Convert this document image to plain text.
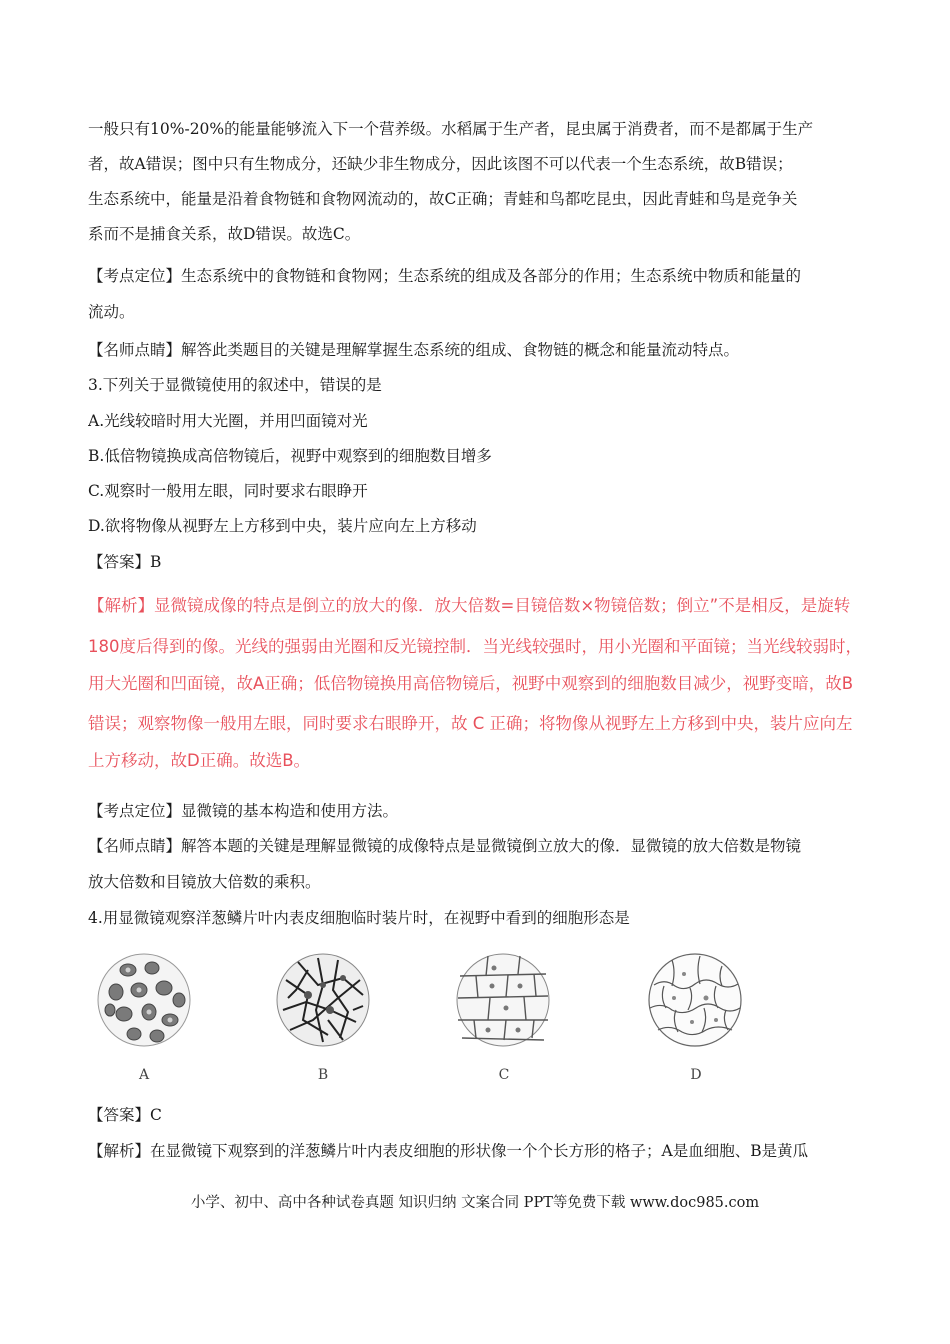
一般只有10%-20%的能量能够流入下一个营养级。水稻属于生产者，昆虫属于消费者，而不是都属于生产
者，故A错误；图中只有生物成分，还缺少非生物成分，因此该图不可以代表一个生态系统，故B错误；
生态系统中，能量是沿着食物链和食物网流动的，故C正确；青蛙和鸟都吃昆虫，因此青蛙和鸟是竞争关
系而不是捕食关系，故D错误。故选C。
【考点定位】生态系统中的食物链和食物网；生态系统的组成及各部分的作用；生态系统中物质和能量的
流动。
【名师点睛】解答此类题目的关键是理解掌握生态系统的组成、食物链的概念和能量流动特点。
3.下列关于显微镜使用的叙述中，错误的是
A.光线较暗时用大光圈，并用凹面镜对光
B.低倍物镜换成高倍物镜后，视野中观察到的细胞数目增多
C.观察时一般用左眼，同时要求右眼睁开
D.欲将物像从视野左上方移到中央，装片应向左上方移动
【答案】B
【解析】显微镜成像的特点是倒立的放大的像．放大倍数=目镜倍数×物镜倍数；倒立”不是相反，是旋转
180度后得到的像。光线的强弱由光圈和反光镜控制．当光线较强时，用小光圈和平面镜；当光线较弱时，
用大光圈和凹面镜，故A正确；低倍物镜换用高倍物镜后，视野中观察到的细胞数目减少，视野变暗，故B
错误；观察物像一般用左眼，同时要求右眼睁开，故 C 正确；将物像从视野左上方移到中央，装片应向左
上方移动，故D正确。故选B。
【考点定位】显微镜的基本构造和使用方法。
【名师点睛】解答本题的关键是理解显微镜的成像特点是显微镜倒立放大的像．显微镜的放大倍数是物镜
放大倍数和目镜放大倍数的乘积。
4.用显微镜观察洋葱鳞片叶内表皮细胞临时装片时，在视野中看到的细胞形态是
A	B	C	D
【答案】C
【解析】在显微镜下观察到的洋葱鳞片叶内表皮细胞的形状像一个个长方形的格子；A是血细胞、B是黄瓜
小学、初中、高中各种试卷真题 知识归纳 文案合同 PPT等免费下载 www.doc985.com
